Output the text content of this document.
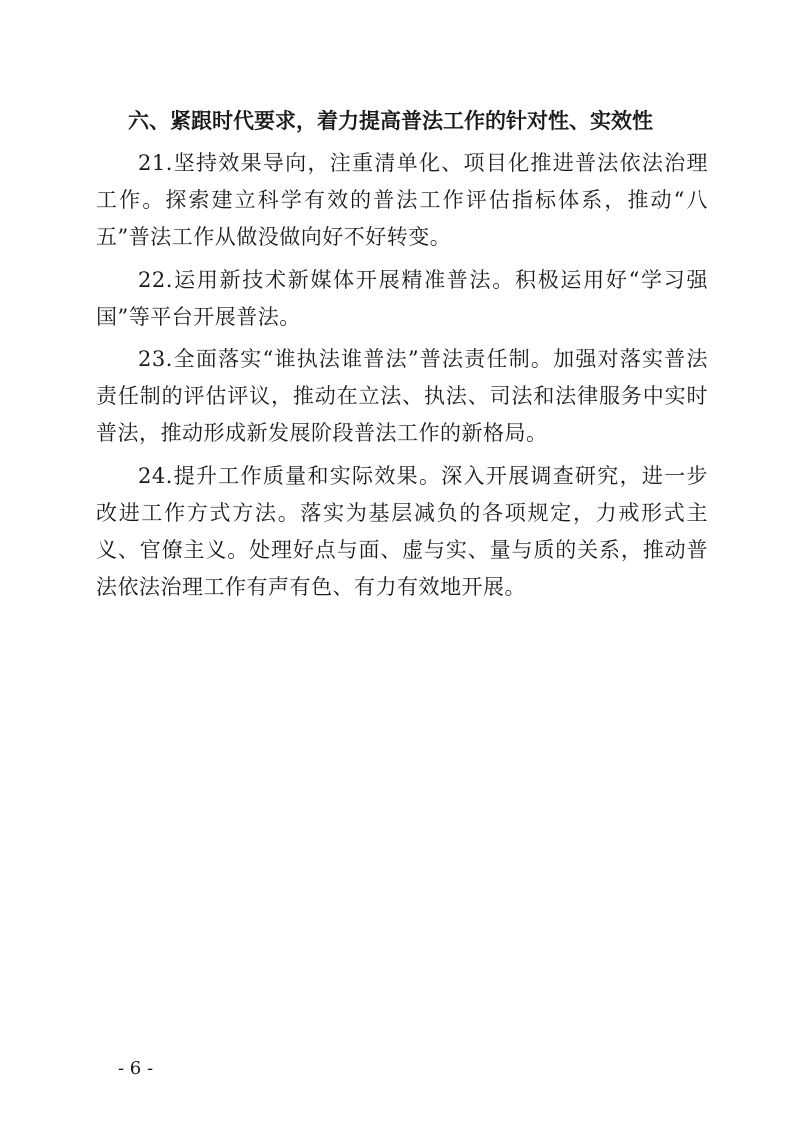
六、紧跟时代要求，着力提高普法工作的针对性、实效性

21.坚持效果导向，注重清单化、项目化推进普法依法治理工作。探索建立科学有效的普法工作评估指标体系，推动“八五”普法工作从做没做向好不好转变。

22.运用新技术新媒体开展精准普法。积极运用好“学习强国”等平台开展普法。

23.全面落实“谁执法谁普法”普法责任制。加强对落实普法责任制的评估评议，推动在立法、执法、司法和法律服务中实时普法，推动形成新发展阶段普法工作的新格局。

24.提升工作质量和实际效果。深入开展调查研究，进一步改进工作方式方法。落实为基层减负的各项规定，力戒形式主义、官僚主义。处理好点与面、虚与实、量与质的关系，推动普法依法治理工作有声有色、有力有效地开展。

- 6 -
